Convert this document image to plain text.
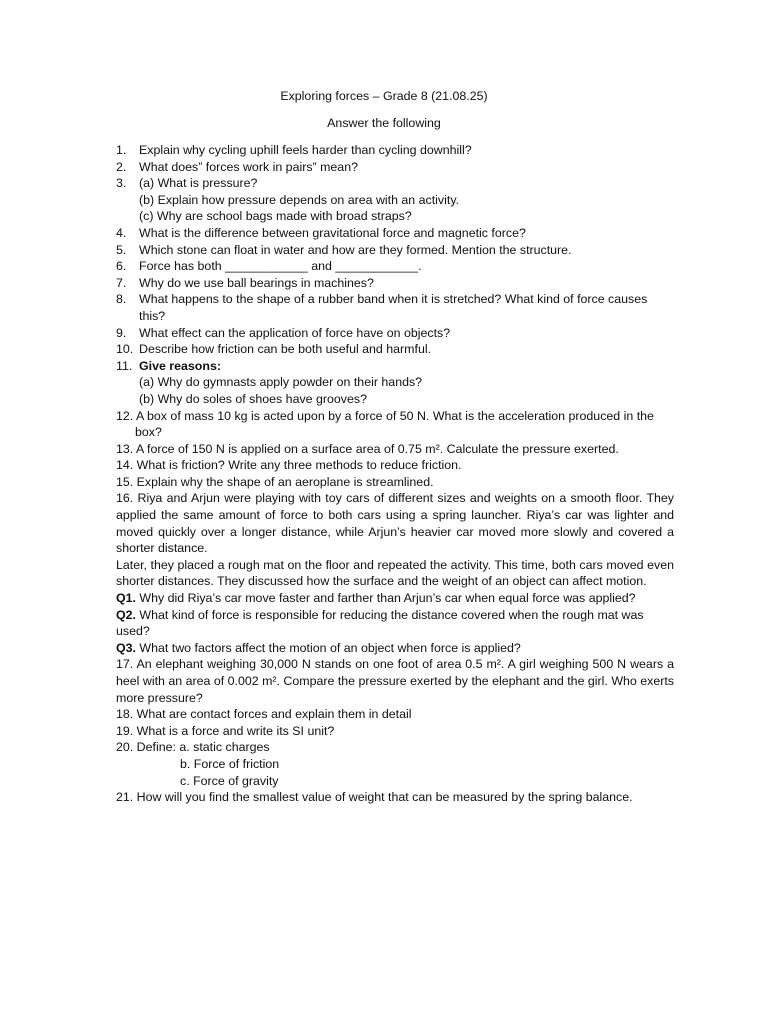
Exploring forces – Grade 8 (21.08.25)
Answer the following
1. Explain why cycling uphill feels harder than cycling downhill?
2. What does” forces work in pairs” mean?
3. (a) What is pressure?
(b) Explain how pressure depends on area with an activity.
(c) Why are school bags made with broad straps?
4. What is the difference between gravitational force and magnetic force?
5. Which stone can float in water and how are they formed. Mention the structure.
6. Force has both ____________ and ____________.
7. Why do we use ball bearings in machines?
8. What happens to the shape of a rubber band when it is stretched? What kind of force causes this?
9. What effect can the application of force have on objects?
10. Describe how friction can be both useful and harmful.
11. Give reasons:
(a) Why do gymnasts apply powder on their hands?
(b) Why do soles of shoes have grooves?
12. A box of mass 10 kg is acted upon by a force of 50 N. What is the acceleration produced in the box?
13. A force of 150 N is applied on a surface area of 0.75 m². Calculate the pressure exerted.
14. What is friction? Write any three methods to reduce friction.
15. Explain why the shape of an aeroplane is streamlined.
16. Riya and Arjun were playing with toy cars of different sizes and weights on a smooth floor. They applied the same amount of force to both cars using a spring launcher. Riya’s car was lighter and moved quickly over a longer distance, while Arjun’s heavier car moved more slowly and covered a shorter distance.
Later, they placed a rough mat on the floor and repeated the activity. This time, both cars moved even shorter distances. They discussed how the surface and the weight of an object can affect motion.
Q1. Why did Riya’s car move faster and farther than Arjun’s car when equal force was applied?
Q2. What kind of force is responsible for reducing the distance covered when the rough mat was used?
Q3. What two factors affect the motion of an object when force is applied?
17. An elephant weighing 30,000 N stands on one foot of area 0.5 m². A girl weighing 500 N wears a heel with an area of 0.002 m². Compare the pressure exerted by the elephant and the girl. Who exerts more pressure?
18. What are contact forces and explain them in detail
19. What is a force and write its SI unit?
20. Define: a. static charges
b. Force of friction
c. Force of gravity
21. How will you find the smallest value of weight that can be measured by the spring balance.
